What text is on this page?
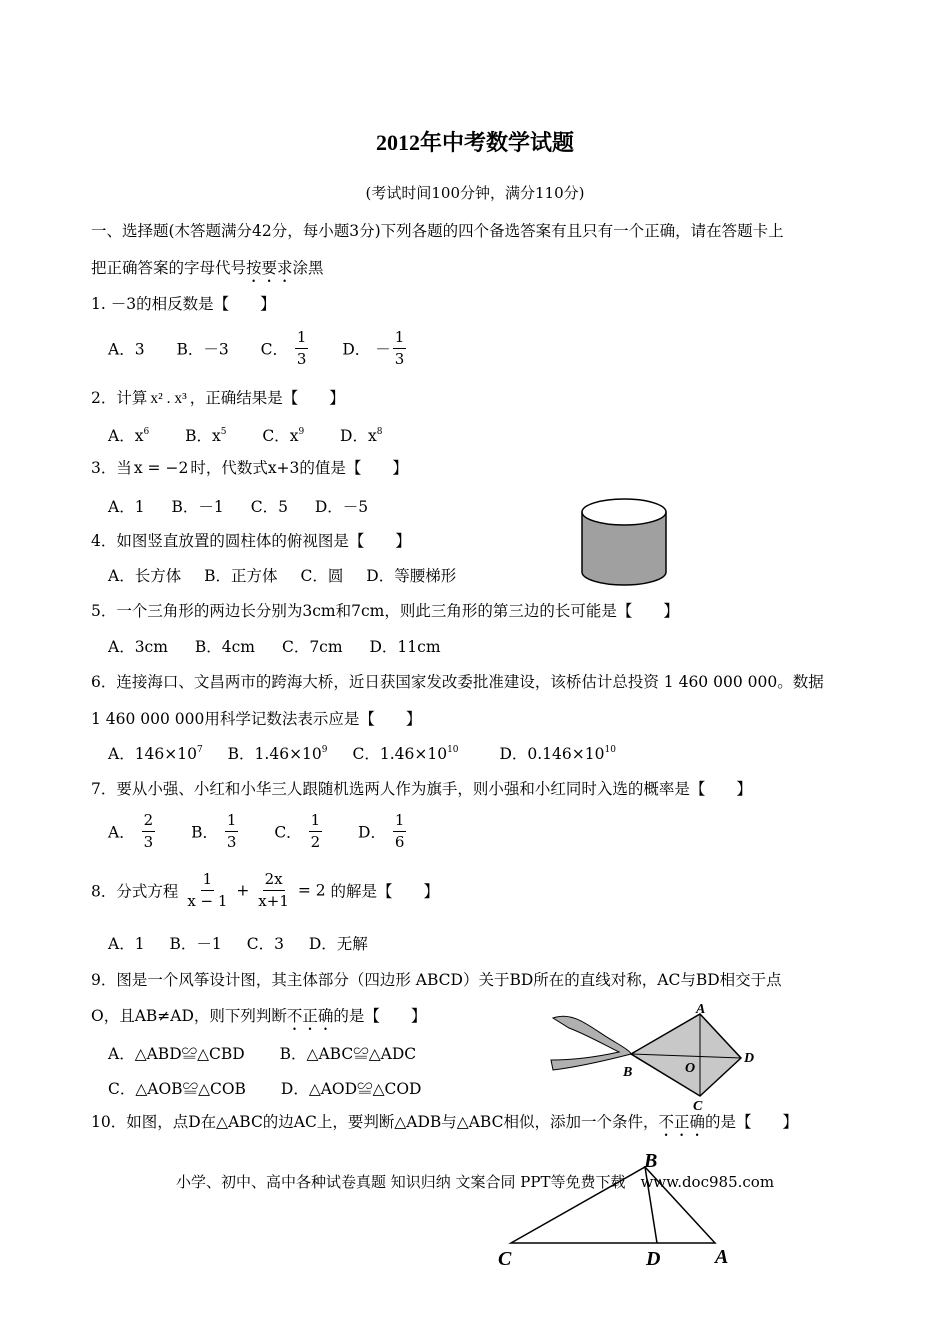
2012年中考数学试题
(考试时间100分钟，满分110分)
一、选择题(木答题满分42分，每小题3分)下列各题的四个备选答案有且只有一个正确，请在答题卡上
把正确答案的字母代号按要求涂黑
1. －3的相反数是【　　】
A．3 B．－3 C． $\frac{1}{3}$ D． － $\frac{1}{3}$
2．计算 x² . x³ ，正确结果是【　　】
A．$x^6$ B．$x^5$ C．$x^9$ D．$x^8$
3．当 x = −2 时，代数式x+3的值是【　　】
A．1 B．－1 C．5 D．－5
4．如图竖直放置的圆柱体的俯视图是【　　】
A．长方体 B．正方体 C．圆 D．等腰梯形
5．一个三角形的两边长分别为3cm和7cm，则此三角形的第三边的长可能是【　　】
A．3cm B．4cm C．7cm D．11cm
6．连接海口、文昌两市的跨海大桥，近日获国家发改委批准建设，该桥估计总投资 1 460 000 000。数据
1 460 000 000用科学记数法表示应是【　　】
A．$146\times 10^7$ B．$1.46\times 10^9$ C．$1.46\times 10^{10}$	D．$0.146\times 10^{10}$
7．要从小强、小红和小华三人跟随机选两人作为旗手，则小强和小红同时入选的概率是【　　】
A． $\frac{2}{3}$ B． $\frac{1}{3}$ C． $\frac{1}{2}$ D． $\frac{1}{6}$
8．分式方程 $\frac{1}{x - 1} + \frac{2x}{x+1} = 2$ 的解是【　　】
A．1 B．－1 C．3 D．无解
9．图是一个风筝设计图，其主体部分（四边形 ABCD）关于BD所在的直线对称，AC与BD相交于点
O，且AB≠AD，则下列判断不正确的是【　　】
A．△ABD≌△CBD B．△ABC≌△ADC
C．△AOB≌△COB D．△AOD≌△COD
A
B
C
D
O
10．如图，点D在△ABC的边AC上，要判断△ADB与△ABC相似，添加一个条件，不正确的是【　　】
B
C	D	A
小学、初中、高中各种试卷真题 知识归纳 文案合同 PPT等免费下载　www.doc985.com
